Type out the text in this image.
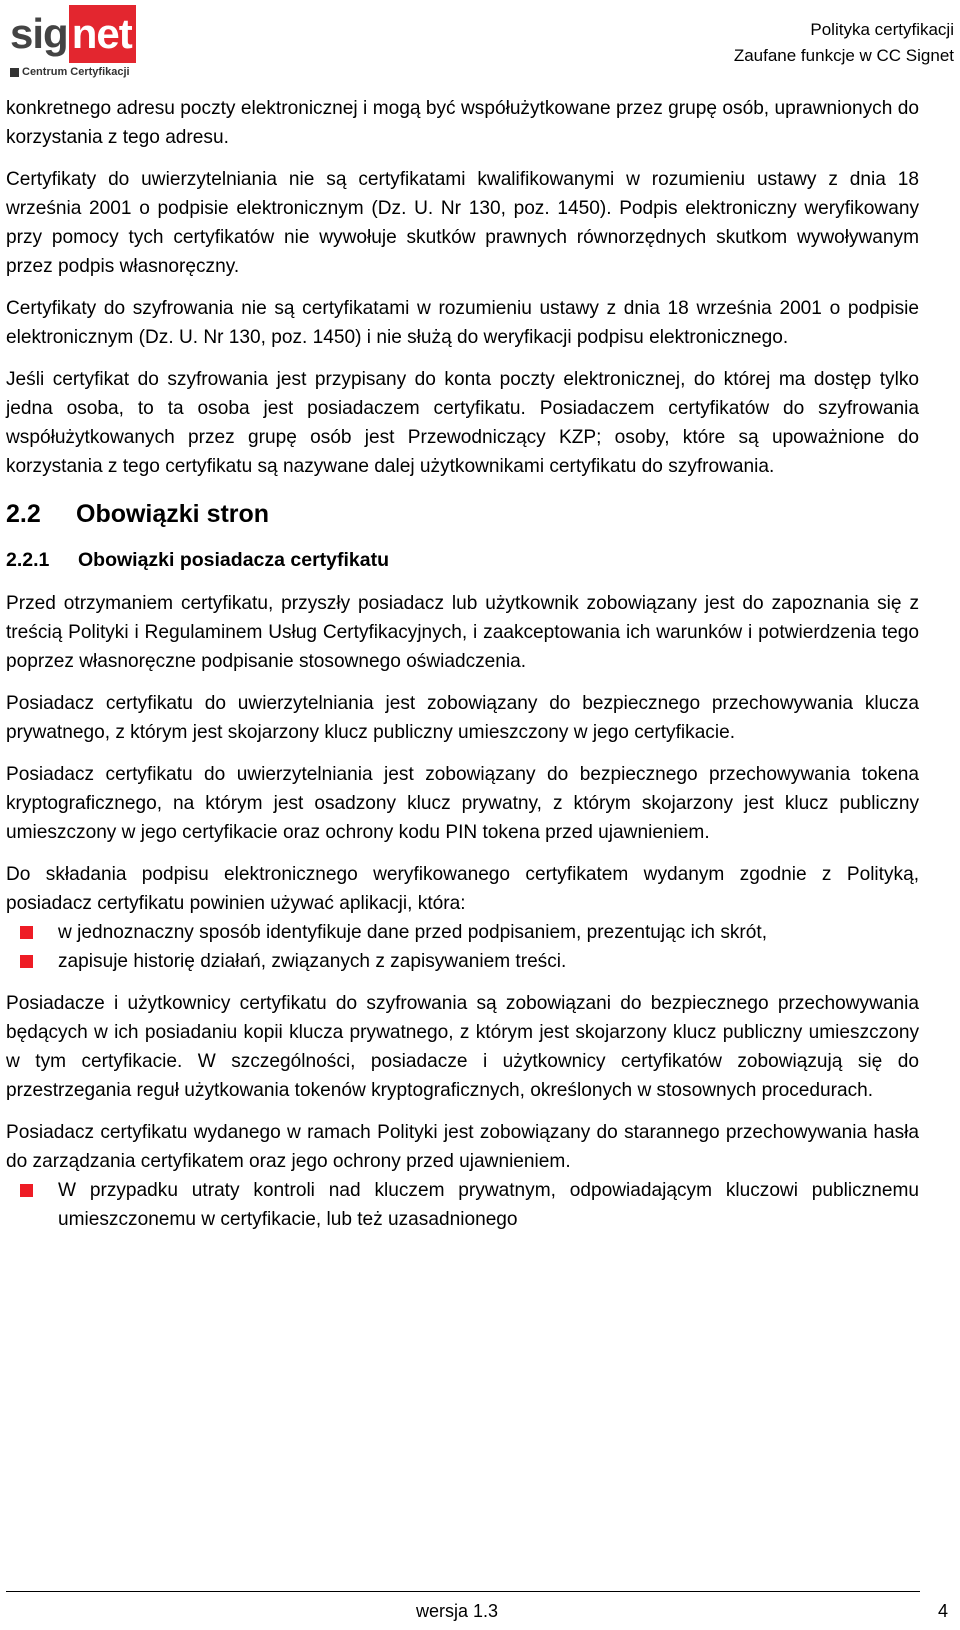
sig net
Centrum Certyfikacji
Polityka certyfikacji
Zaufane funkcje w CC Signet

konkretnego adresu poczty elektronicznej i mogą być współużytkowane przez grupę osób, uprawnionych do korzystania z tego adresu.

Certyfikaty do uwierzytelniania nie są certyfikatami kwalifikowanymi w rozumieniu ustawy z dnia 18 września 2001 o podpisie elektronicznym (Dz. U. Nr 130, poz. 1450). Podpis elektroniczny weryfikowany przy pomocy tych certyfikatów nie wywołuje skutków prawnych równorzędnych skutkom wywoływanym przez podpis własnoręczny.

Certyfikaty do szyfrowania nie są certyfikatami w rozumieniu ustawy z dnia 18 września 2001 o podpisie elektronicznym (Dz. U. Nr 130, poz. 1450) i nie służą do weryfikacji podpisu elektronicznego.

Jeśli certyfikat do szyfrowania jest przypisany do konta poczty elektronicznej, do której ma dostęp tylko jedna osoba, to ta osoba jest posiadaczem certyfikatu. Posiadaczem certyfikatów do szyfrowania współużytkowanych przez grupę osób jest Przewodniczący KZP; osoby, które są upoważnione do korzystania z tego certyfikatu są nazywane dalej użytkownikami certyfikatu do szyfrowania.

2.2 Obowiązki stron
2.2.1 Obowiązki posiadacza certyfikatu

Przed otrzymaniem certyfikatu, przyszły posiadacz lub użytkownik zobowiązany jest do zapoznania się z treścią Polityki i Regulaminem Usług Certyfikacyjnych, i zaakceptowania ich warunków i potwierdzenia tego poprzez własnoręczne podpisanie stosownego oświadczenia.

Posiadacz certyfikatu do uwierzytelniania jest zobowiązany do bezpiecznego przechowywania klucza prywatnego, z którym jest skojarzony klucz publiczny umieszczony w jego certyfikacie.

Posiadacz certyfikatu do uwierzytelniania jest zobowiązany do bezpiecznego przechowywania tokena kryptograficznego, na którym jest osadzony klucz prywatny, z którym skojarzony jest klucz publiczny umieszczony w jego certyfikacie oraz ochrony kodu PIN tokena przed ujawnieniem.

Do składania podpisu elektronicznego weryfikowanego certyfikatem wydanym zgodnie z Polityką, posiadacz certyfikatu powinien używać aplikacji, która:

w jednoznaczny sposób identyfikuje dane przed podpisaniem, prezentując ich skrót,
zapisuje historię działań, związanych z zapisywaniem treści.

Posiadacze i użytkownicy certyfikatu do szyfrowania są zobowiązani do bezpiecznego przechowywania będących w ich posiadaniu kopii klucza prywatnego, z którym jest skojarzony klucz publiczny umieszczony w tym certyfikacie. W szczególności, posiadacze i użytkownicy certyfikatów zobowiązują się do przestrzegania reguł użytkowania tokenów kryptograficznych, określonych w stosownych procedurach.

Posiadacz certyfikatu wydanego w ramach Polityki jest zobowiązany do starannego przechowywania hasła do zarządzania certyfikatem oraz jego ochrony przed ujawnieniem.

W przypadku utraty kontroli nad kluczem prywatnym, odpowiadającym kluczowi publicznemu umieszczonemu w certyfikacie, lub też uzasadnionego
wersja 1.3	4
